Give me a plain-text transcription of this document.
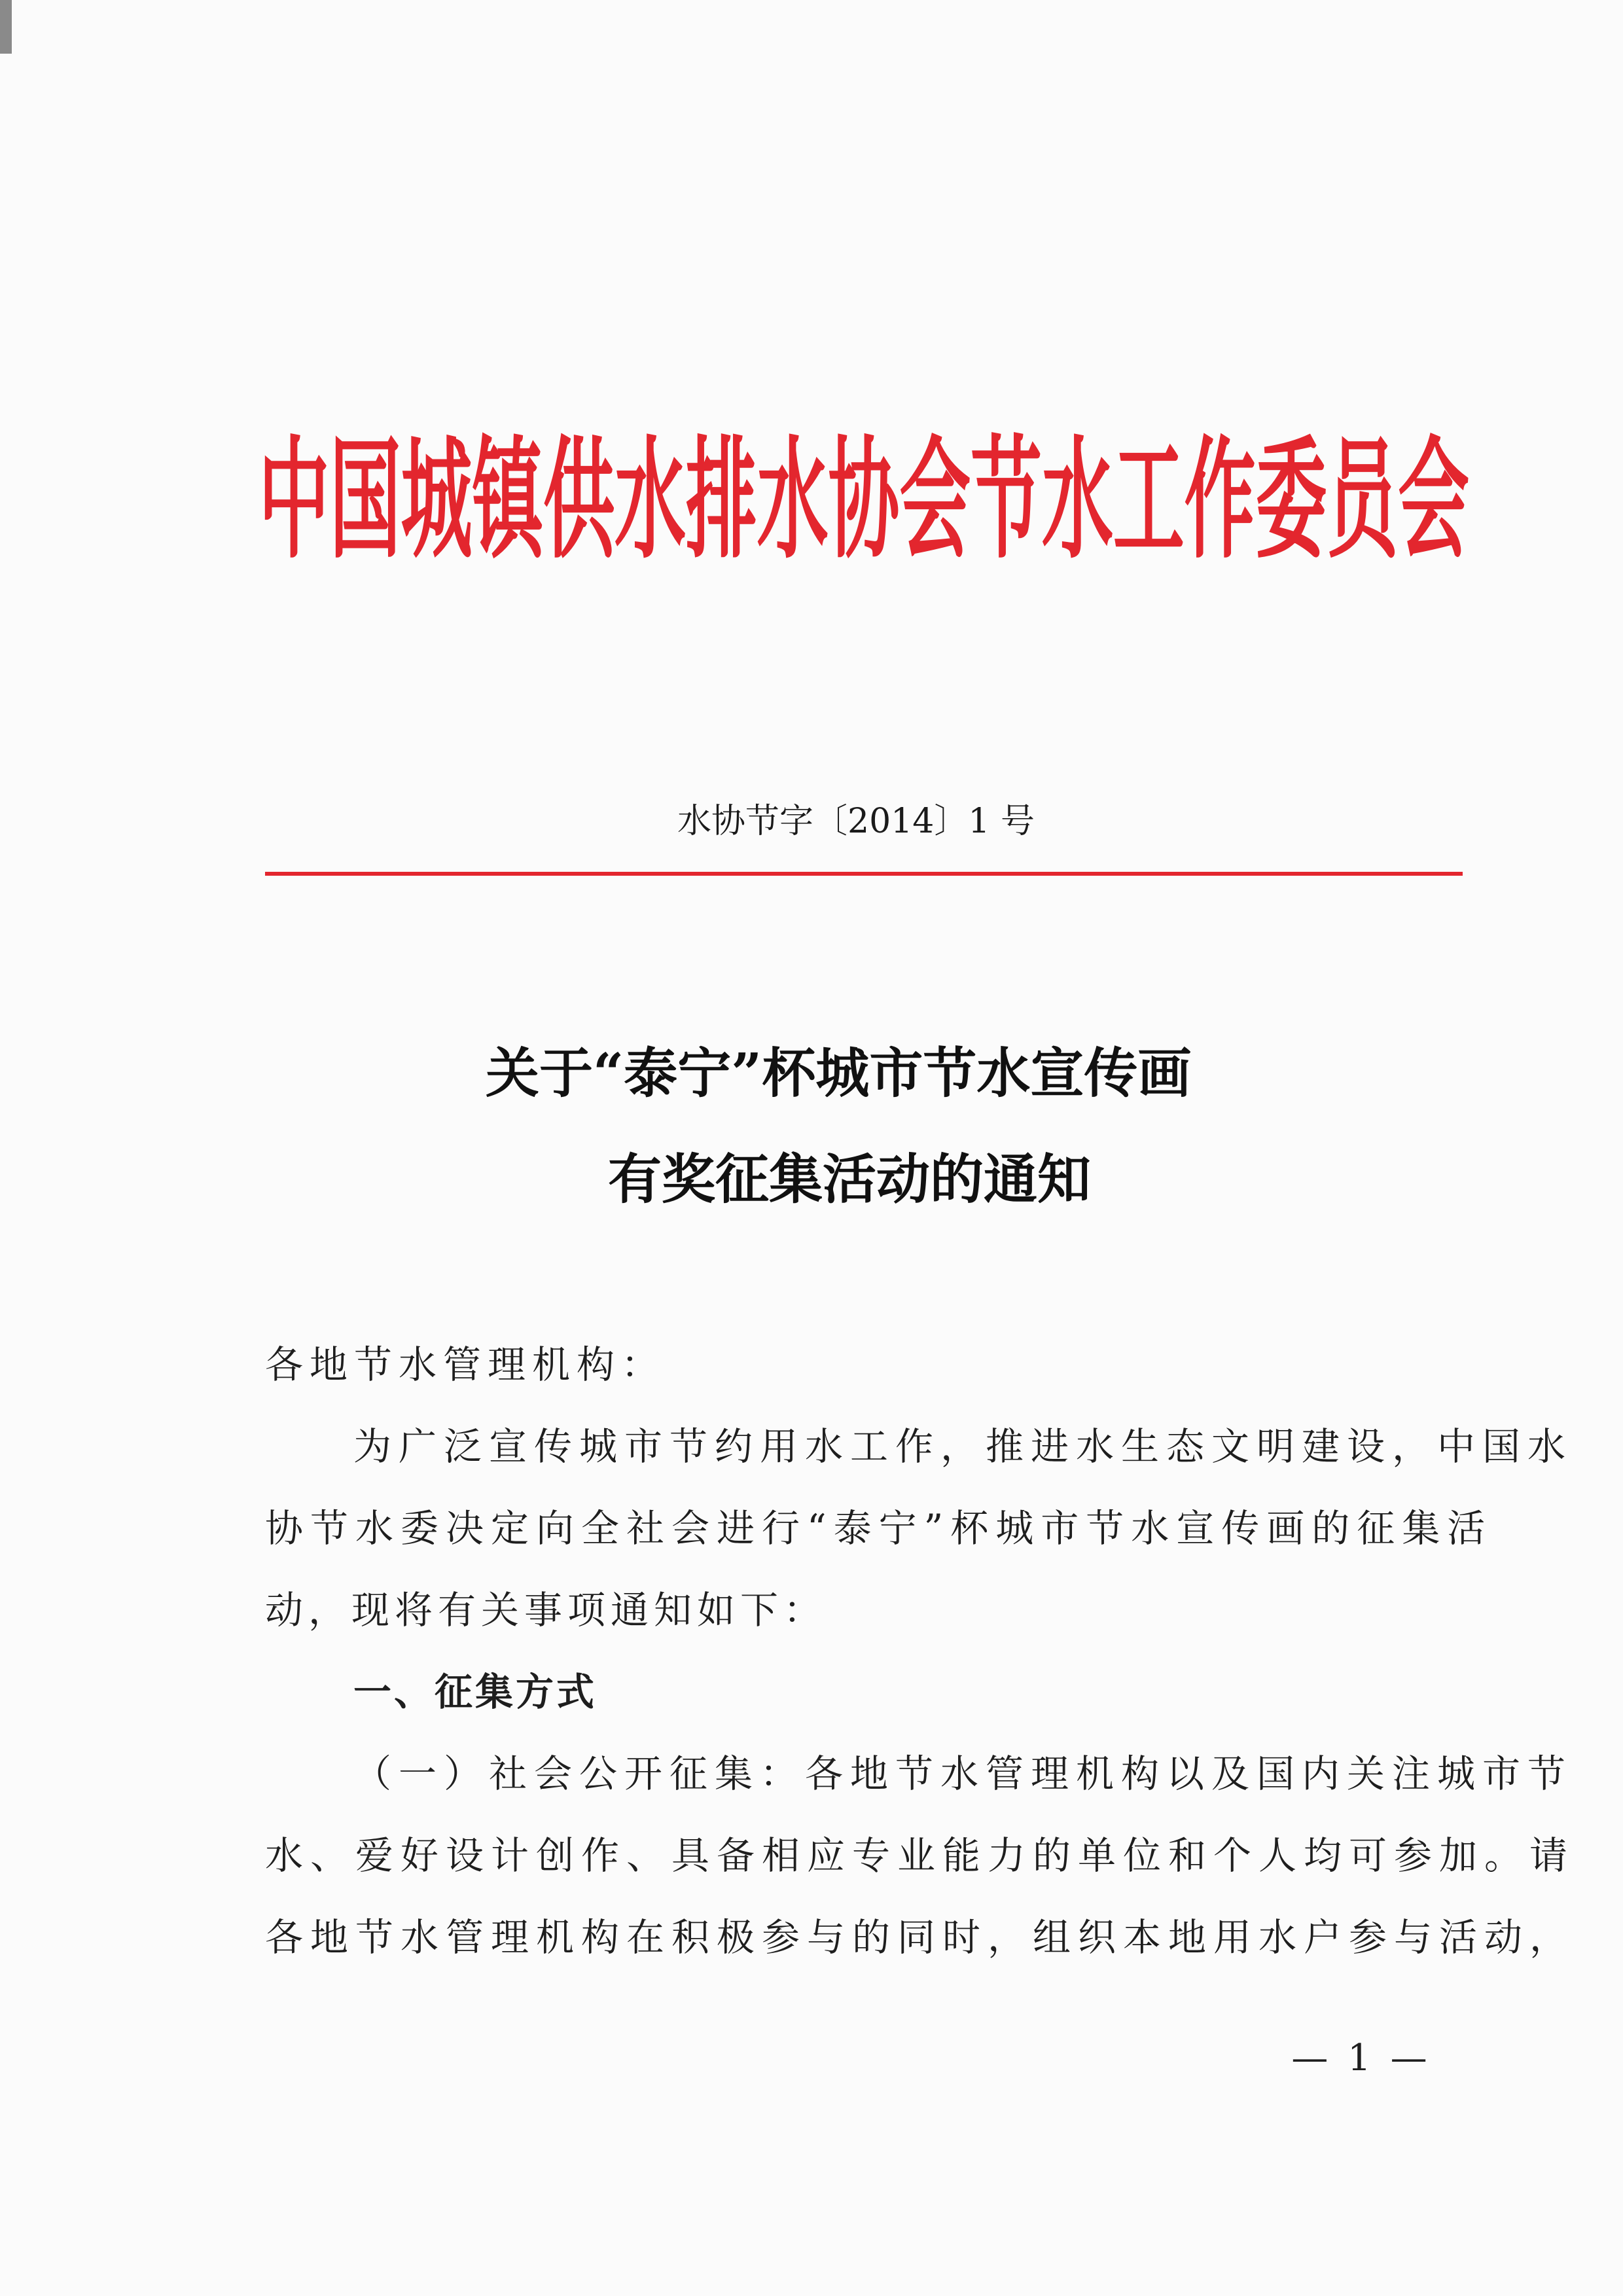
中国城镇供水排水协会节水工作委员会
水协节字〔2014〕1 号
关于“泰宁”杯城市节水宣传画
有奖征集活动的通知
各地节水管理机构：
为广泛宣传城市节约用水工作，推进水生态文明建设，中国水
协节水委决定向全社会进行“泰宁”杯城市节水宣传画的征集活
动，现将有关事项通知如下：
一、征集方式
（一）社会公开征集：各地节水管理机构以及国内关注城市节
水、爱好设计创作、具备相应专业能力的单位和个人均可参加。请
各地节水管理机构在积极参与的同时，组织本地用水户参与活动，
— 1 —
